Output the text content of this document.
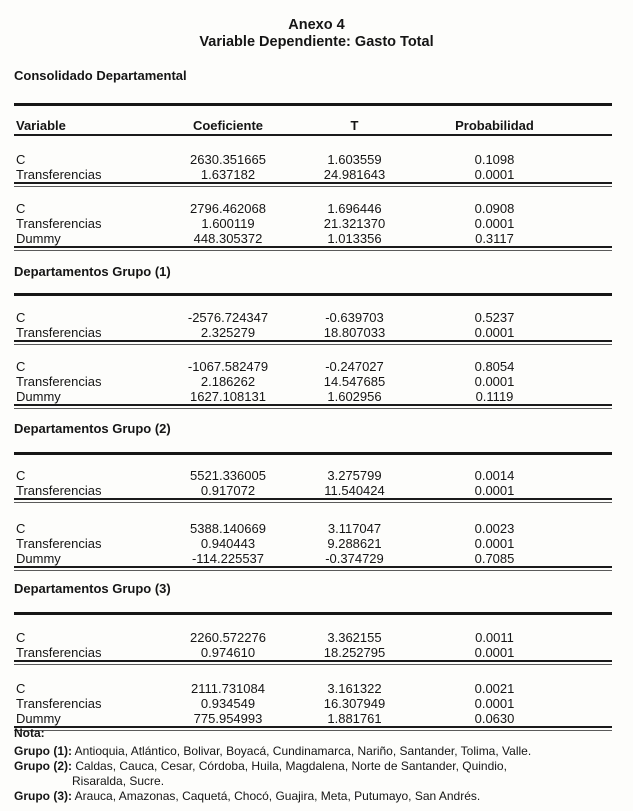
Anexo 4
Variable Dependiente: Gasto Total
Consolidado Departamental
Variable	Coeficiente	T	Probabilidad
C	2630.351665	1.603559	0.1098
Transferencias	1.637182	24.981643	0.0001
C	2796.462068	1.696446	0.0908
Transferencias	1.600119	21.321370	0.0001
Dummy	448.305372	1.013356	0.3117
Departamentos Grupo (1)
C	-2576.724347	-0.639703	0.5237
Transferencias	2.325279	18.807033	0.0001
C	-1067.582479	-0.247027	0.8054
Transferencias	2.186262	14.547685	0.0001
Dummy	1627.108131	1.602956	0.1119
Departamentos Grupo (2)
C	5521.336005	3.275799	0.0014
Transferencias	0.917072	11.540424	0.0001
C	5388.140669	3.117047	0.0023
Transferencias	0.940443	9.288621	0.0001
Dummy	-114.225537	-0.374729	0.7085
Departamentos Grupo (3)
C	2260.572276	3.362155	0.0011
Transferencias	0.974610	18.252795	0.0001
C	2111.731084	3.161322	0.0021
Transferencias	0.934549	16.307949	0.0001
Dummy	775.954993	1.881761	0.0630
Nota:
Grupo (1): Antioquia, Atlántico, Bolivar, Boyacá, Cundinamarca, Nariño, Santander, Tolima, Valle.
Grupo (2): Caldas, Cauca, Cesar, Córdoba, Huila, Magdalena, Norte de Santander, Quindio,
Risaralda, Sucre.
Grupo (3): Arauca, Amazonas, Caquetá, Chocó, Guajira, Meta, Putumayo, San Andrés.
